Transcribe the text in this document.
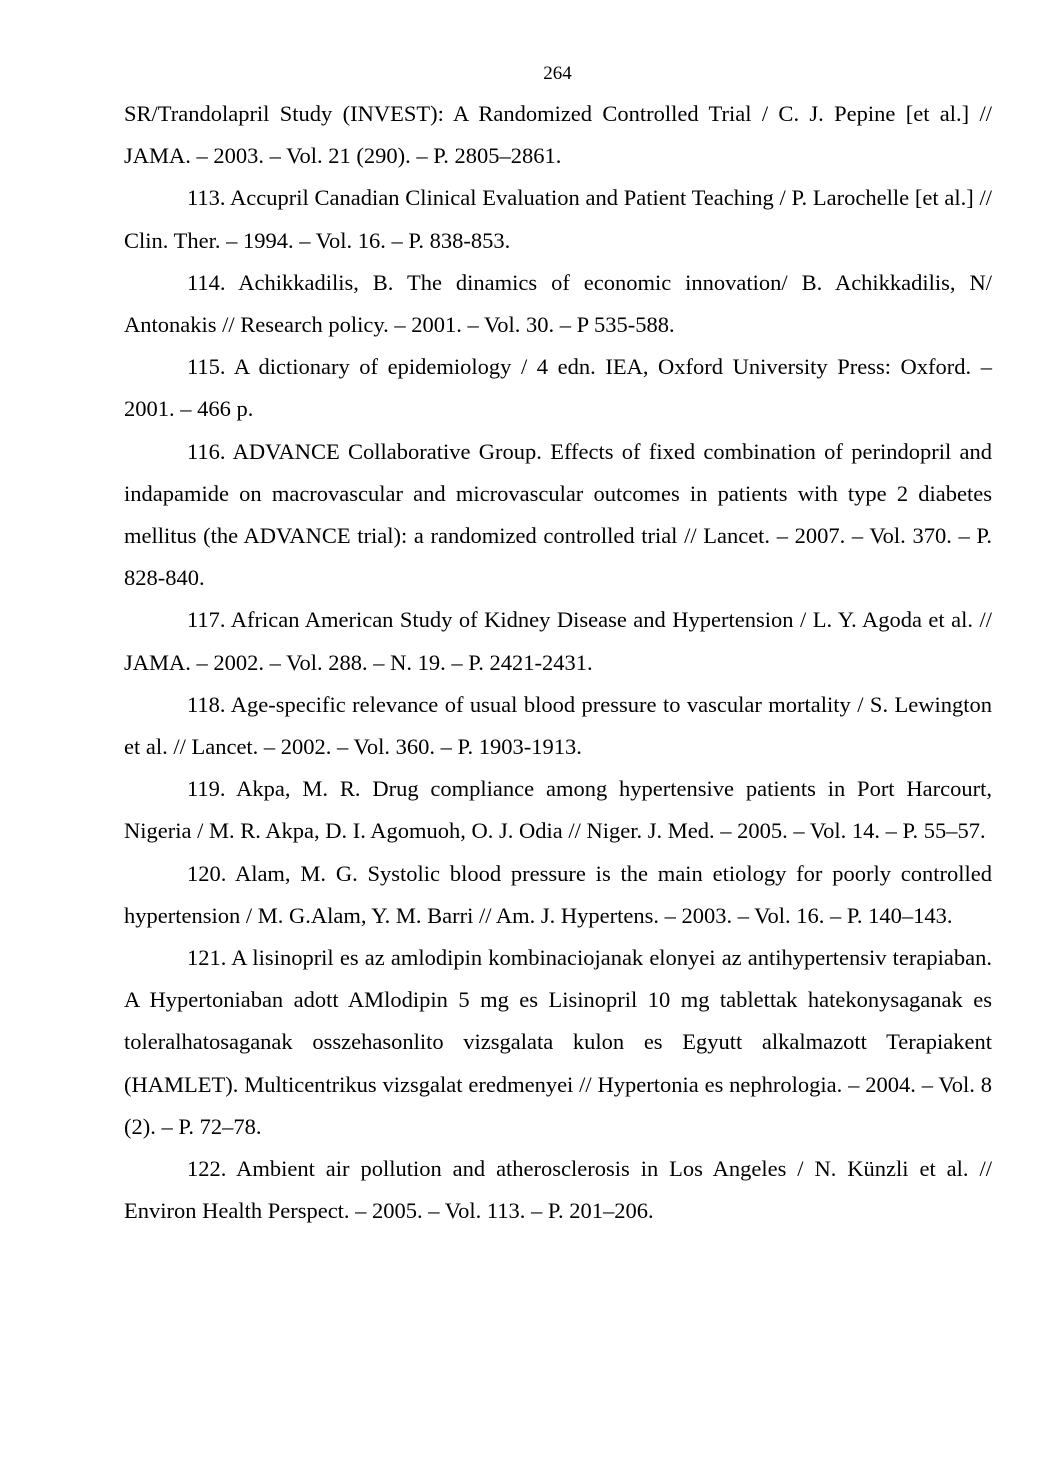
264

SR/Trandolapril Study (INVEST): A Randomized Controlled Trial / C. J. Pepine [et al.] // JAMA. – 2003. – Vol. 21 (290). – P. 2805–2861.

113. Accupril Canadian Clinical Evaluation and Patient Teaching / P. Larochelle [et al.] // Clin. Ther. – 1994. – Vol. 16. – P. 838-853.

114. Achikkadilis, B. The dinamics of economic innovation/ B. Achikkadilis, N/ Antonakis // Research policy. – 2001. – Vol. 30. – P 535-588.

115. A dictionary of epidemiology / 4 edn. IEA, Oxford University Press: Oxford. – 2001. – 466 p.

116. ADVANCE Collaborative Group. Effects of fixed combination of perindopril and indapamide on macrovascular and microvascular outcomes in patients with type 2 diabetes mellitus (the ADVANCE trial): a randomized controlled trial // Lancet. – 2007. – Vol. 370. – P. 828-840.

117. African American Study of Kidney Disease and Hypertension / L. Y. Agoda et al. // JAMA. – 2002. – Vol. 288. – N. 19. – P. 2421-2431.

118. Age-specific relevance of usual blood pressure to vascular mortality / S. Lewington et al. // Lancet. – 2002. – Vol. 360. – P. 1903-1913.

119. Akpa, M. R. Drug compliance among hypertensive patients in Port Harcourt, Nigeria / M. R. Akpa, D. I. Agomuoh, O. J. Odia // Niger. J. Med. – 2005. – Vol. 14. – P. 55–57.

120. Alam, M. G. Systolic blood pressure is the main etiology for poorly controlled hypertension / M. G.Alam, Y. M. Barri // Am. J. Hypertens. – 2003. – Vol. 16. – P. 140–143.

121. A lisinopril es az amlodipin kombinaciojanak elonyei az antihypertensiv terapiaban. A Hypertoniaban adott AMlodipin 5 mg es Lisinopril 10 mg tablettak hatekonysaganak es toleralhatosaganak osszehasonlito vizsgalata kulon es Egyutt alkalmazott Terapiakent (HAMLET). Multicentrikus vizsgalat eredmenyei // Hypertonia es nephrologia. – 2004. – Vol. 8 (2). – P. 72–78.

122. Ambient air pollution and atherosclerosis in Los Angeles / N. Künzli et al. // Environ Health Perspect. – 2005. – Vol. 113. – P. 201–206.
